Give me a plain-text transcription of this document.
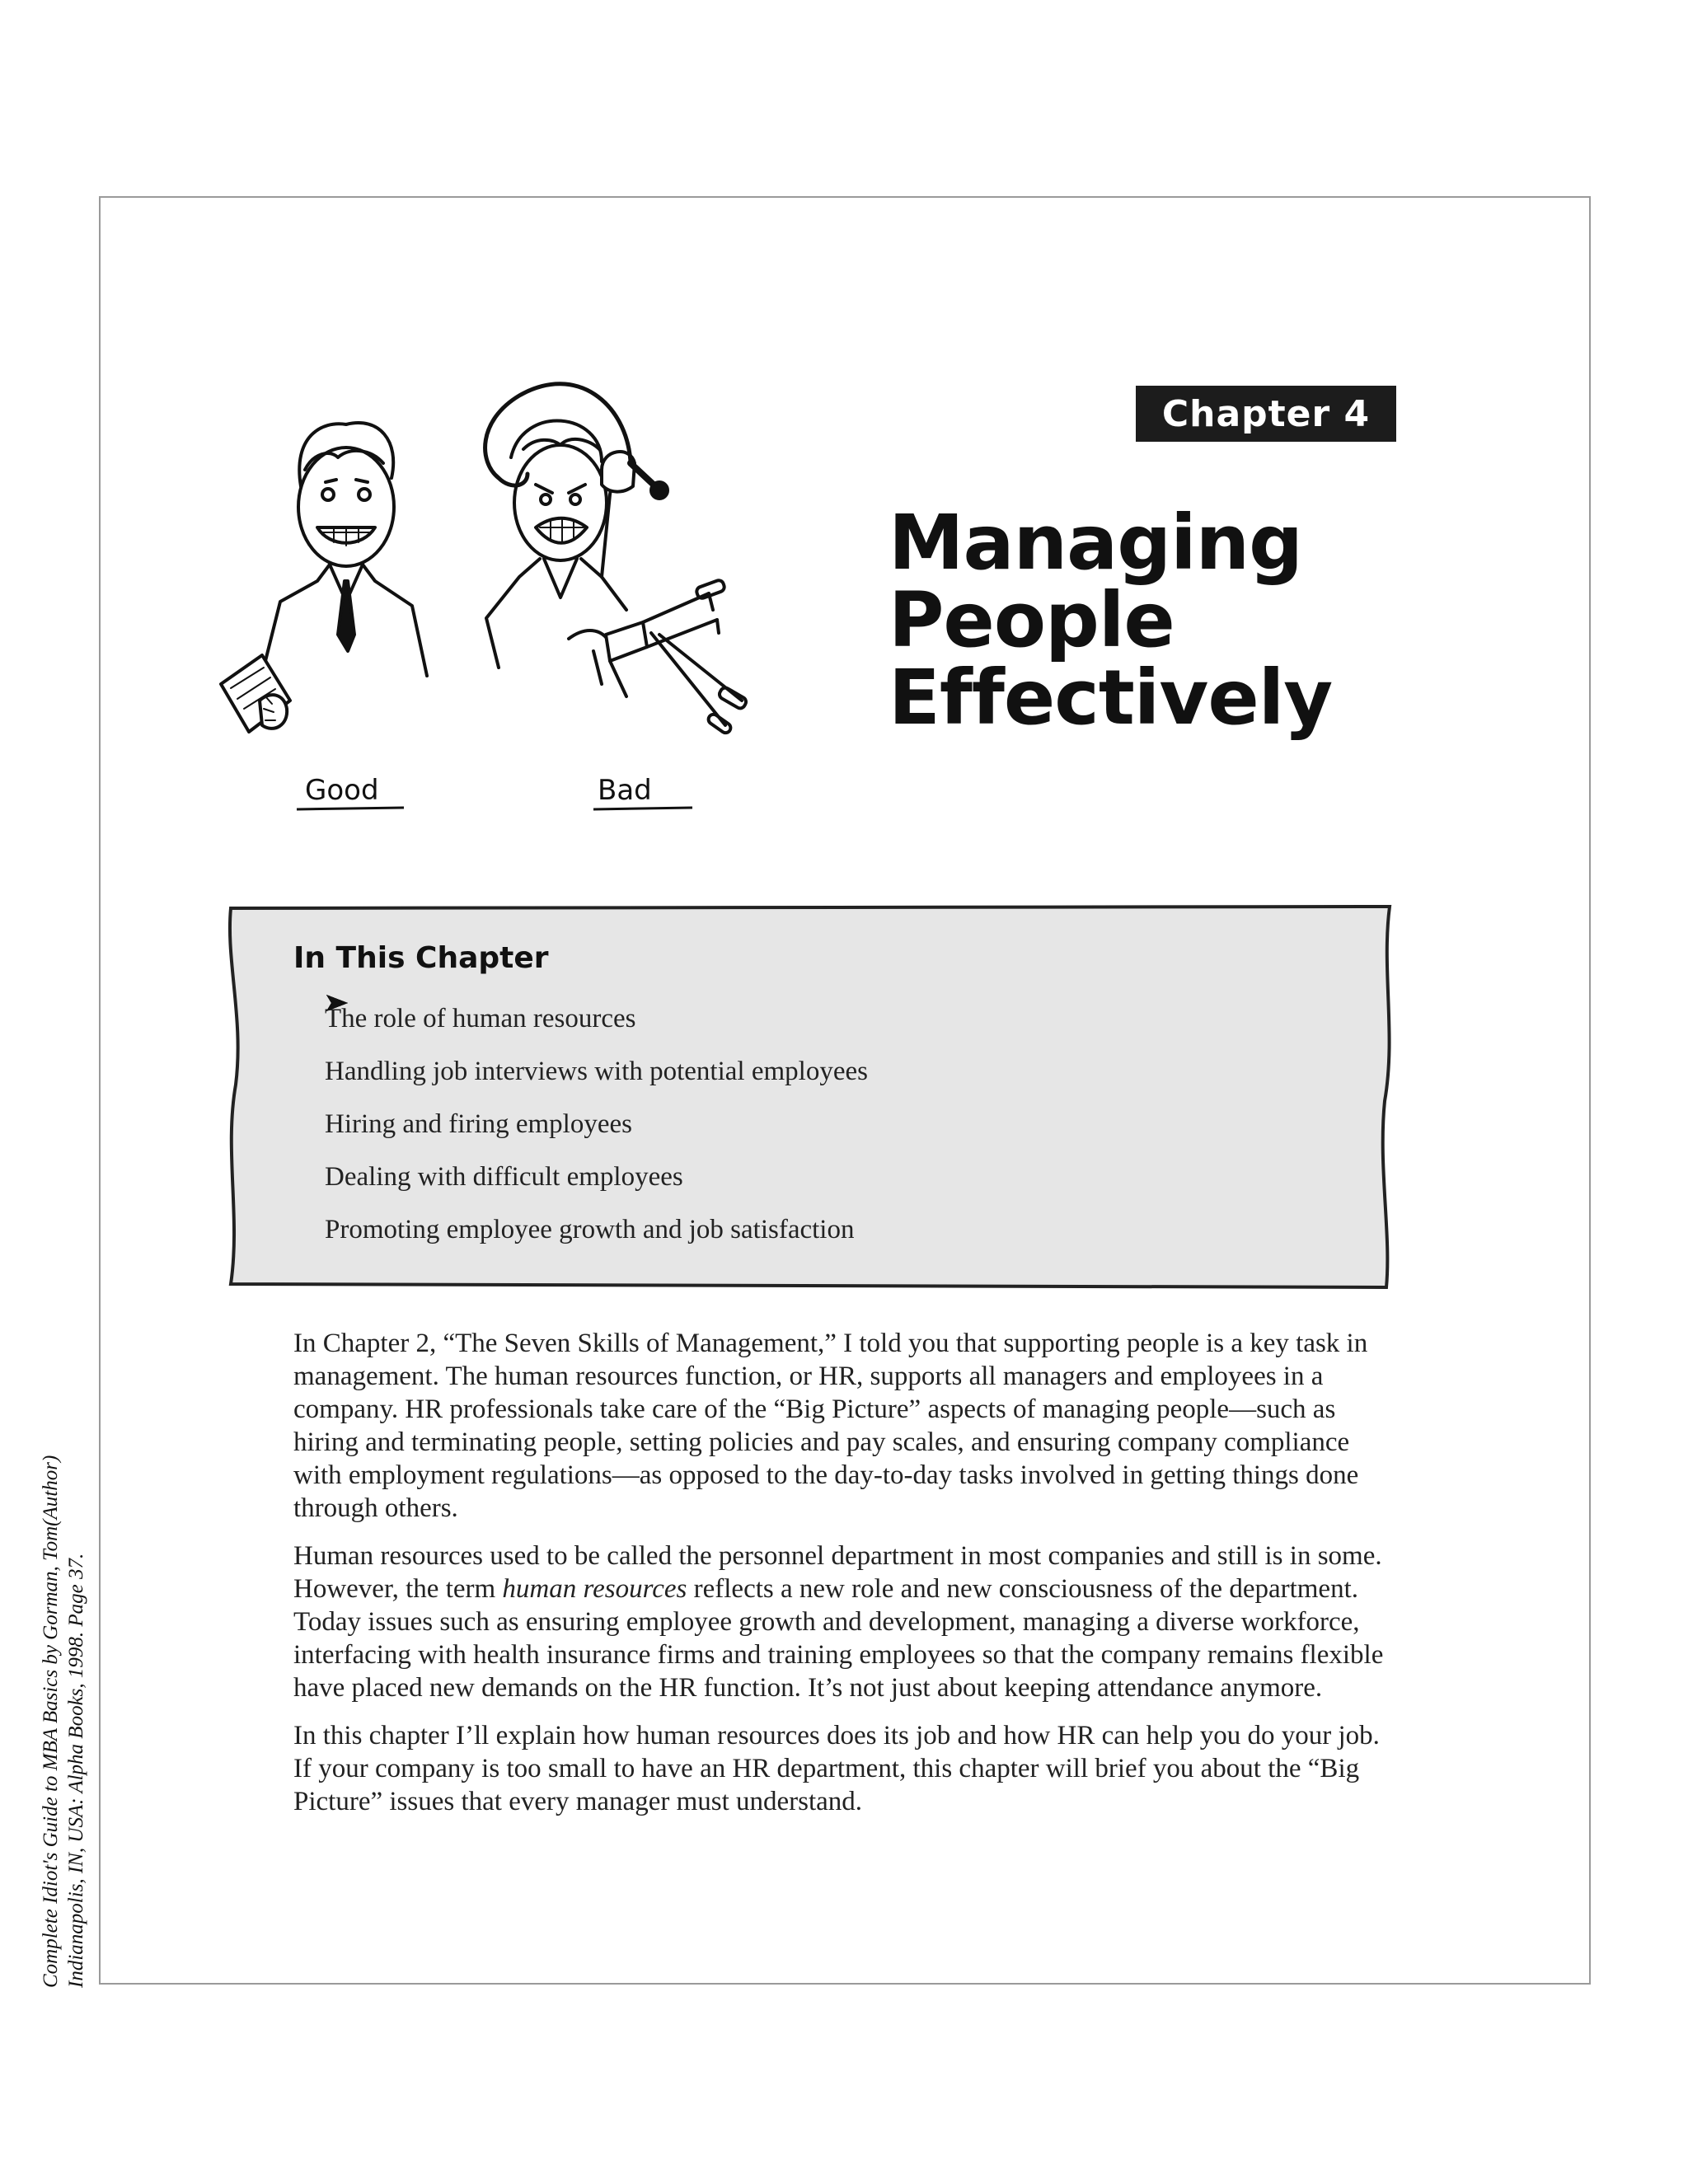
Chapter 4
Managing
People
Effectively
Good	Bad
In This Chapter
The role of human resources
Handling job interviews with potential employees
Hiring and firing employees
Dealing with difficult employees
Promoting employee growth and job satisfaction

In Chapter 2, “The Seven Skills of Management,” I told you that supporting people is a key task in management. The human resources function, or HR, supports all managers and employees in a company. HR professionals take care of the “Big Picture” aspects of managing people—such as hiring and terminating people, setting policies and pay scales, and ensuring company compliance with employment regulations—as opposed to the day-to-day tasks involved in getting things done through others.

Human resources used to be called the personnel department in most companies and still is in some. However, the term human resources reflects a new role and new consciousness of the department. Today issues such as ensuring employee growth and development, managing a diverse workforce, interfacing with health insurance firms and training employees so that the company remains flexible have placed new demands on the HR function. It’s not just about keeping attendance anymore.

In this chapter I’ll explain how human resources does its job and how HR can help you do your job. If your company is too small to have an HR department, this chapter will brief you about the “Big Picture” issues that every manager must understand.

Complete Idiot's Guide to MBA Basics by Gorman, Tom(Author) Indianapolis, IN, USA: Alpha Books, 1998. Page 37.
